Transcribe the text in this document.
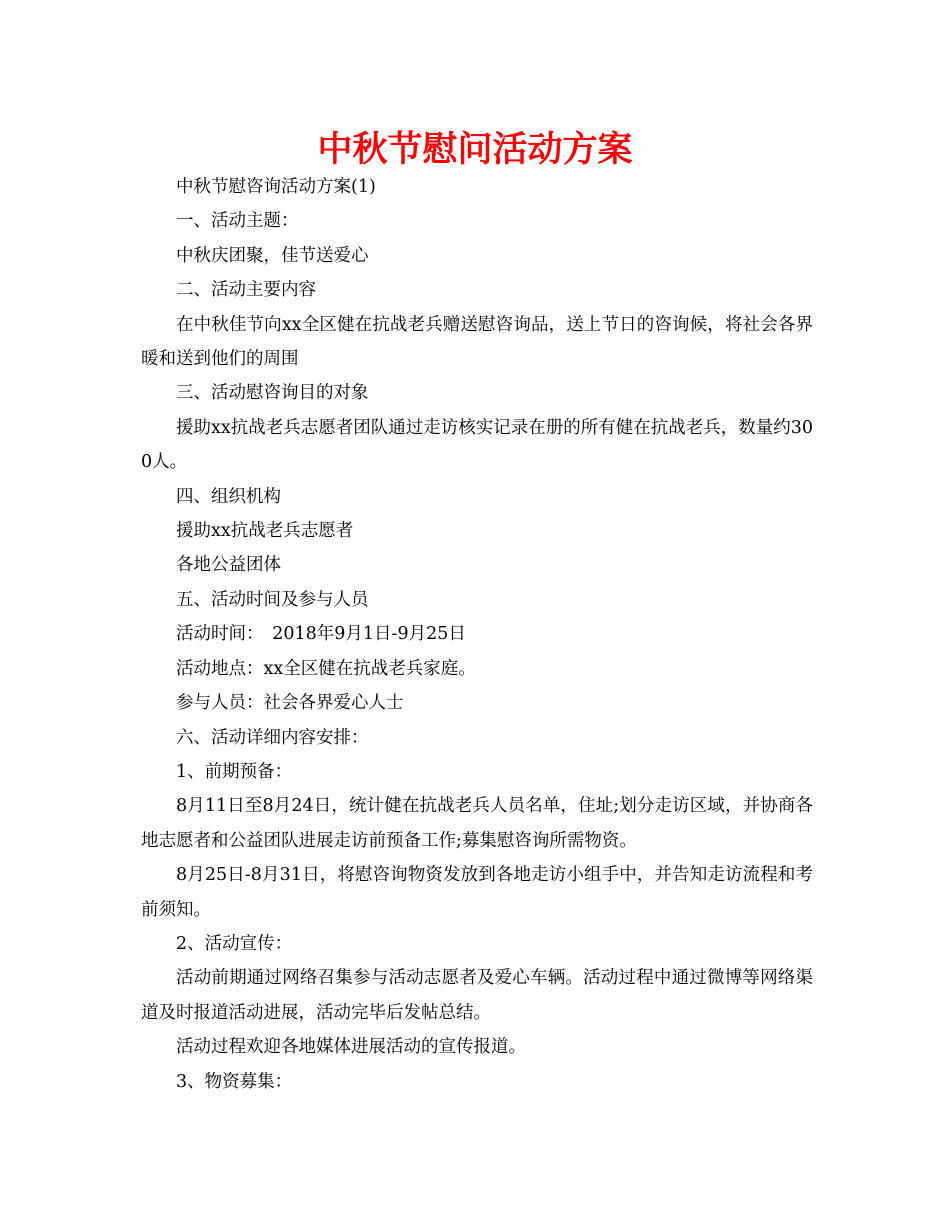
中秋节慰问活动方案

中秋节慰咨询活动方案(1)

一、活动主题：

中秋庆团聚，佳节送爱心

二、活动主要内容

在中秋佳节向xx全区健在抗战老兵赠送慰咨询品，送上节日的咨询候，将社会各界暖和送到他们的周围

三、活动慰咨询目的对象

援助xx抗战老兵志愿者团队通过走访核实记录在册的所有健在抗战老兵，数量约300人。

四、组织机构

援助xx抗战老兵志愿者

各地公益团体

五、活动时间及参与人员

活动时间：　2018年9月1日-9月25日

活动地点：xx全区健在抗战老兵家庭。

参与人员：社会各界爱心人士

六、活动详细内容安排：

1、前期预备：

8月11日至8月24日，统计健在抗战老兵人员名单，住址;划分走访区域，并协商各地志愿者和公益团队进展走访前预备工作;募集慰咨询所需物资。

8月25日-8月31日，将慰咨询物资发放到各地走访小组手中，并告知走访流程和考前须知。

2、活动宣传：

活动前期通过网络召集参与活动志愿者及爱心车辆。活动过程中通过微博等网络渠道及时报道活动进展，活动完毕后发帖总结。

活动过程欢迎各地媒体进展活动的宣传报道。

3、物资募集：
